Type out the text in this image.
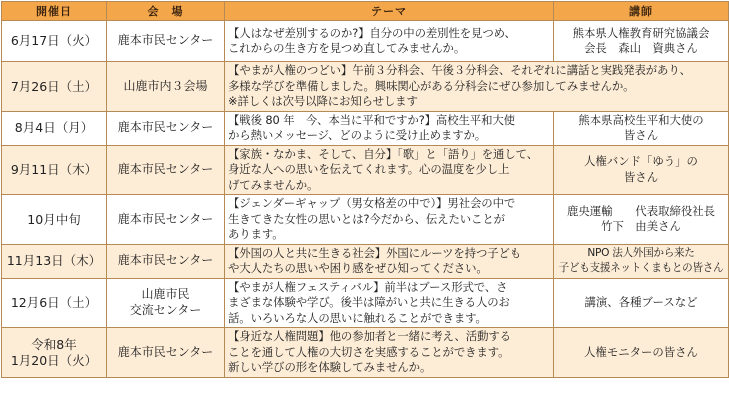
開催日	会　場	テーマ	講師

6月17日（火）	鹿本市民センター	【人はなぜ差別するのか?】自分の中の差別性を見つめ、
これからの生き方を見つめ直してみませんか。	熊本県人権教育研究協議会
会長　森山　資典さん

7月26日（土）	山鹿市内３会場	【やまが人権のつどい】午前３分科会、午後３分科会、それぞれに講話と実践発表があり、
多様な学びを準備しました。興味関心がある分科会にぜひ参加してみませんか。
※詳しくは次号以降にお知らせします	

8月4日（月）	鹿本市民センター	【戦後 80 年　今、本当に平和ですか?】高校生平和大使
から熱いメッセージ、どのように受け止めますか。	熊本県高校生平和大使の
皆さん

9月11日（木）	鹿本市民センター	【家族・なかま、そして、自分】「歌」と「語り」を通して、
身近な人への思いを伝えてくれます。心の温度を少し上
げてみませんか。	人権バンド「ゆう」の
皆さん

10月中旬	鹿本市民センター	【ジェンダーギャップ（男女格差の中で）】男社会の中で
生きてきた女性の思いとは?今だから、伝えたいことが
あります。	鹿央運輸　　代表取締役社長
竹下　由美さん

11月13日（木）	鹿本市民センター	【外国の人と共に生きる社会】外国にルーツを持つ子ども
や大人たちの思いや困り感をぜひ知ってください。	NPO 法人外国から来た
子ども支援ネットくまもとの皆さん

12月6日（土）	山鹿市民
交流センター	【やまが人権フェスティバル】前半はブース形式で、さ
まざまな体験や学び。後半は障がいと共に生きる人のお
話。いろいろな人の思いに触れることができます。	講演、各種ブースなど

令和8年
1月20日（火）	鹿本市民センター	【身近な人権問題】他の参加者と一緒に考え、活動する
ことを通して人権の大切さを実感することができます。
新しい学びの形を体験してみませんか。	人権モニターの皆さん
